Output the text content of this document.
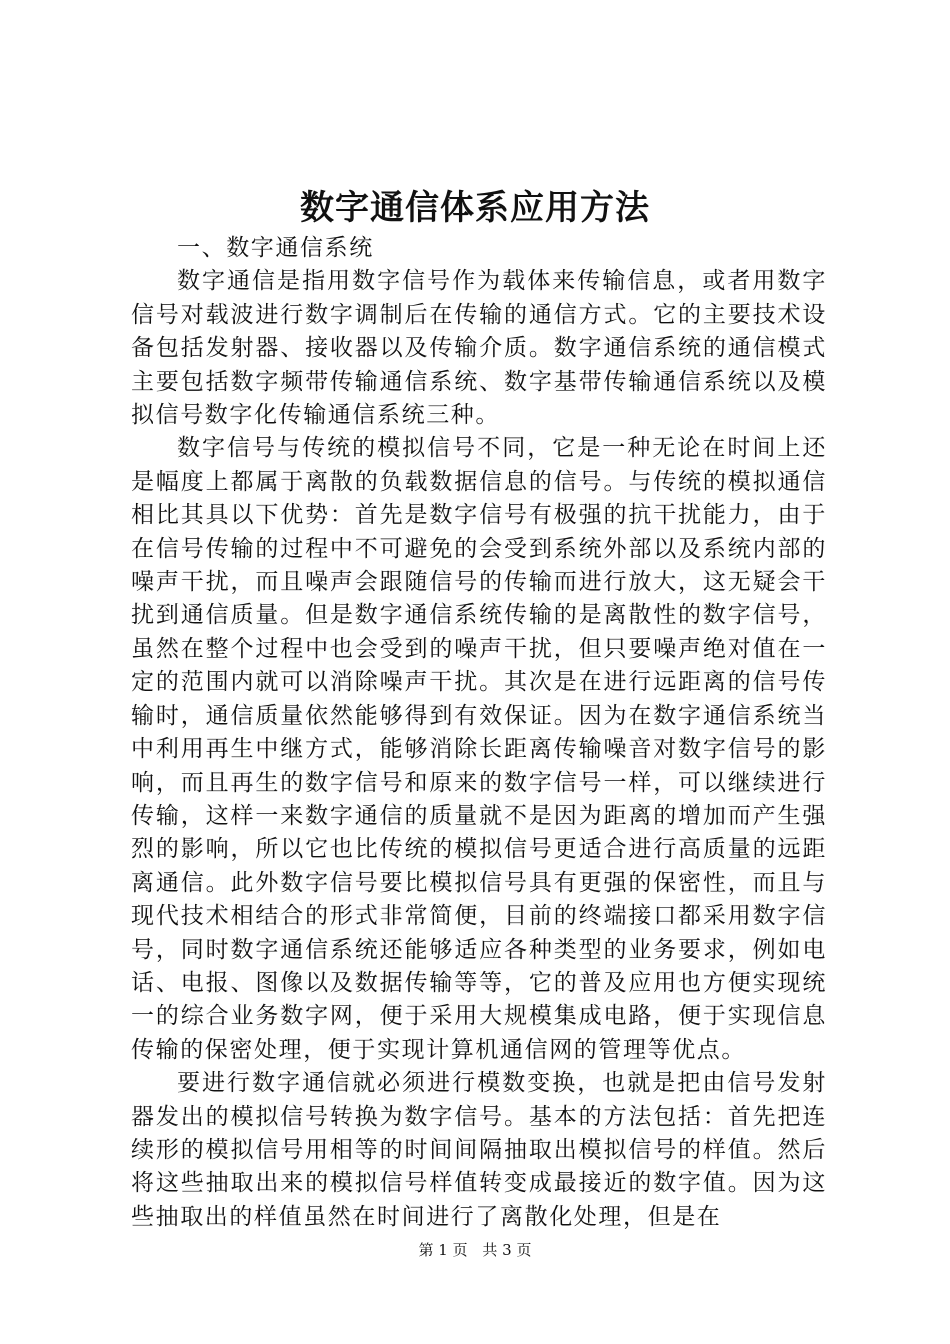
数字通信体系应用方法

一、数字通信系统

数字通信是指用数字信号作为载体来传输信息，或者用数字信号对载波进行数字调制后在传输的通信方式。它的主要技术设备包括发射器、接收器以及传输介质。数字通信系统的通信模式主要包括数字频带传输通信系统、数字基带传输通信系统以及模拟信号数字化传输通信系统三种。

数字信号与传统的模拟信号不同，它是一种无论在时间上还是幅度上都属于离散的负载数据信息的信号。与传统的模拟通信相比其具以下优势：首先是数字信号有极强的抗干扰能力，由于在信号传输的过程中不可避免的会受到系统外部以及系统内部的噪声干扰，而且噪声会跟随信号的传输而进行放大，这无疑会干扰到通信质量。但是数字通信系统传输的是离散性的数字信号，虽然在整个过程中也会受到的噪声干扰，但只要噪声绝对值在一定的范围内就可以消除噪声干扰。其次是在进行远距离的信号传输时，通信质量依然能够得到有效保证。因为在数字通信系统当中利用再生中继方式，能够消除长距离传输噪音对数字信号的影响，而且再生的数字信号和原来的数字信号一样，可以继续进行传输，这样一来数字通信的质量就不是因为距离的增加而产生强烈的影响，所以它也比传统的模拟信号更适合进行高质量的远距离通信。此外数字信号要比模拟信号具有更强的保密性，而且与现代技术相结合的形式非常简便，目前的终端接口都采用数字信号，同时数字通信系统还能够适应各种类型的业务要求，例如电话、电报、图像以及数据传输等等，它的普及应用也方便实现统一的综合业务数字网，便于采用大规模集成电路，便于实现信息传输的保密处理，便于实现计算机通信网的管理等优点。

要进行数字通信就必须进行模数变换，也就是把由信号发射器发出的模拟信号转换为数字信号。基本的方法包括：首先把连续形的模拟信号用相等的时间间隔抽取出模拟信号的样值。然后将这些抽取出来的模拟信号样值转变成最接近的数字值。因为这些抽取出的样值虽然在时间进行了离散化处理，但是在

第 1 页 共 3 页
